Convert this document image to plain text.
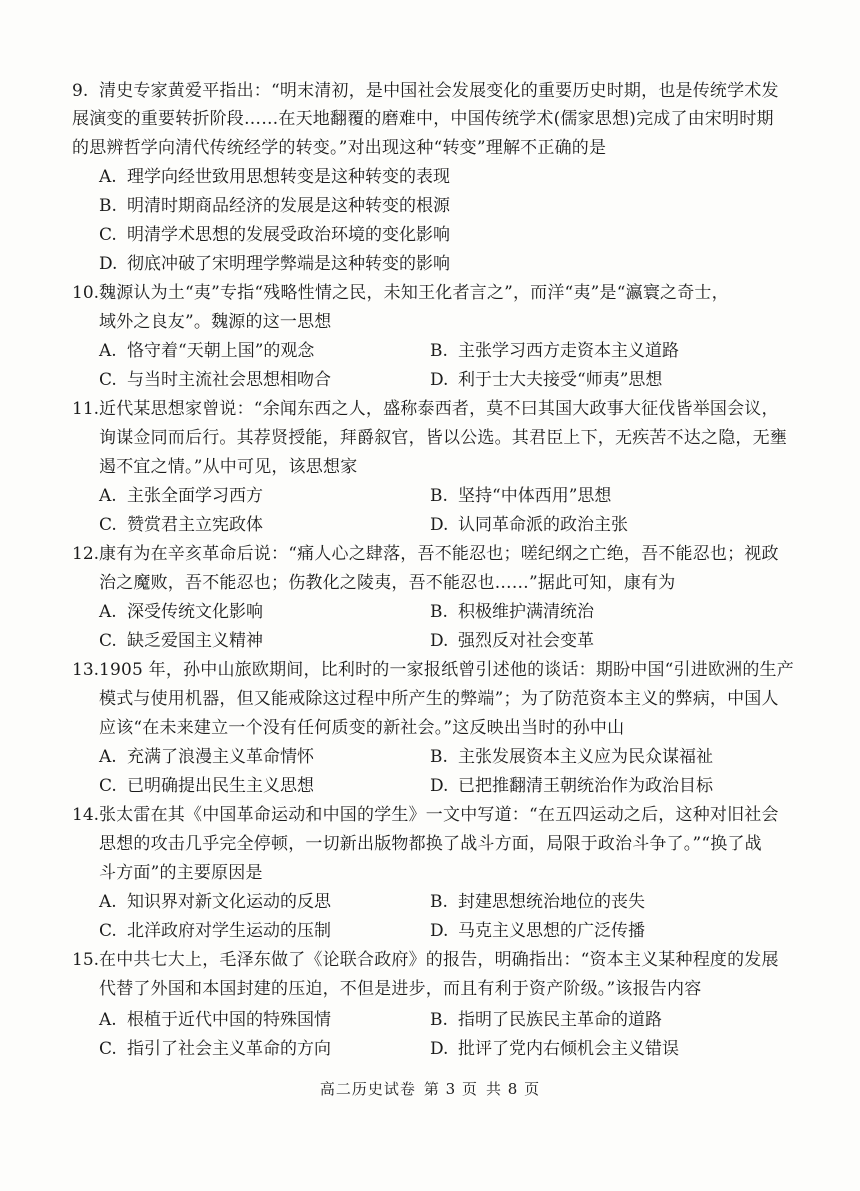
9. 清史专家黄爱平指出：“明末清初，是中国社会发展变化的重要历史时期，也是传统学术发
展演变的重要转折阶段……在天地翻覆的磨难中，中国传统学术(儒家思想)完成了由宋明时期
的思辨哲学向清代传统经学的转变。”对出现这种“转变”理解不正确的是
A. 理学向经世致用思想转变是这种转变的表现
B. 明清时期商品经济的发展是这种转变的根源
C. 明清学术思想的发展受政治环境的变化影响
D. 彻底冲破了宋明理学弊端是这种转变的影响
10. 魏源认为土“夷”专指“残略性情之民，未知王化者言之”，而洋“夷”是“瀛寰之奇士，
域外之良友”。魏源的这一思想
A. 恪守着“天朝上国”的观念	B. 主张学习西方走资本主义道路
C. 与当时主流社会思想相吻合	D. 利于士大夫接受“师夷”思想
11. 近代某思想家曾说：“余闻东西之人，盛称泰西者，莫不曰其国大政事大征伐皆举国会议，
询谋佥同而后行。其荐贤授能，拜爵叙官，皆以公选。其君臣上下，无疾苦不达之隐，无壅
遏不宜之情。”从中可见，该思想家
A. 主张全面学习西方	B. 坚持“中体西用”思想
C. 赞赏君主立宪政体	D. 认同革命派的政治主张
12. 康有为在辛亥革命后说：“痛人心之肆落，吾不能忍也；嗟纪纲之亡绝，吾不能忍也；视政
治之魔败，吾不能忍也；伤教化之陵夷，吾不能忍也……”据此可知，康有为
A. 深受传统文化影响	B. 积极维护满清统治
C. 缺乏爱国主义精神	D. 强烈反对社会变革
13. 1905 年，孙中山旅欧期间，比利时的一家报纸曾引述他的谈话：期盼中国“引进欧洲的生产
模式与使用机器，但又能戒除这过程中所产生的弊端”；为了防范资本主义的弊病，中国人
应该“在未来建立一个没有任何质变的新社会。”这反映出当时的孙中山
A. 充满了浪漫主义革命情怀	B. 主张发展资本主义应为民众谋福祉
C. 已明确提出民生主义思想	D. 已把推翻清王朝统治作为政治目标
14. 张太雷在其《中国革命运动和中国的学生》一文中写道：“在五四运动之后，这种对旧社会
思想的攻击几乎完全停顿，一切新出版物都换了战斗方面，局限于政治斗争了。”“换了战
斗方面”的主要原因是
A. 知识界对新文化运动的反思	B. 封建思想统治地位的丧失
C. 北洋政府对学生运动的压制	D. 马克主义思想的广泛传播
15. 在中共七大上，毛泽东做了《论联合政府》的报告，明确指出：“资本主义某种程度的发展
代替了外国和本国封建的压迫，不但是进步，而且有利于资产阶级。”该报告内容
A. 根植于近代中国的特殊国情	B. 指明了民族民主革命的道路
C. 指引了社会主义革命的方向	D. 批评了党内右倾机会主义错误
高二历史试卷 第 3 页 共 8 页
